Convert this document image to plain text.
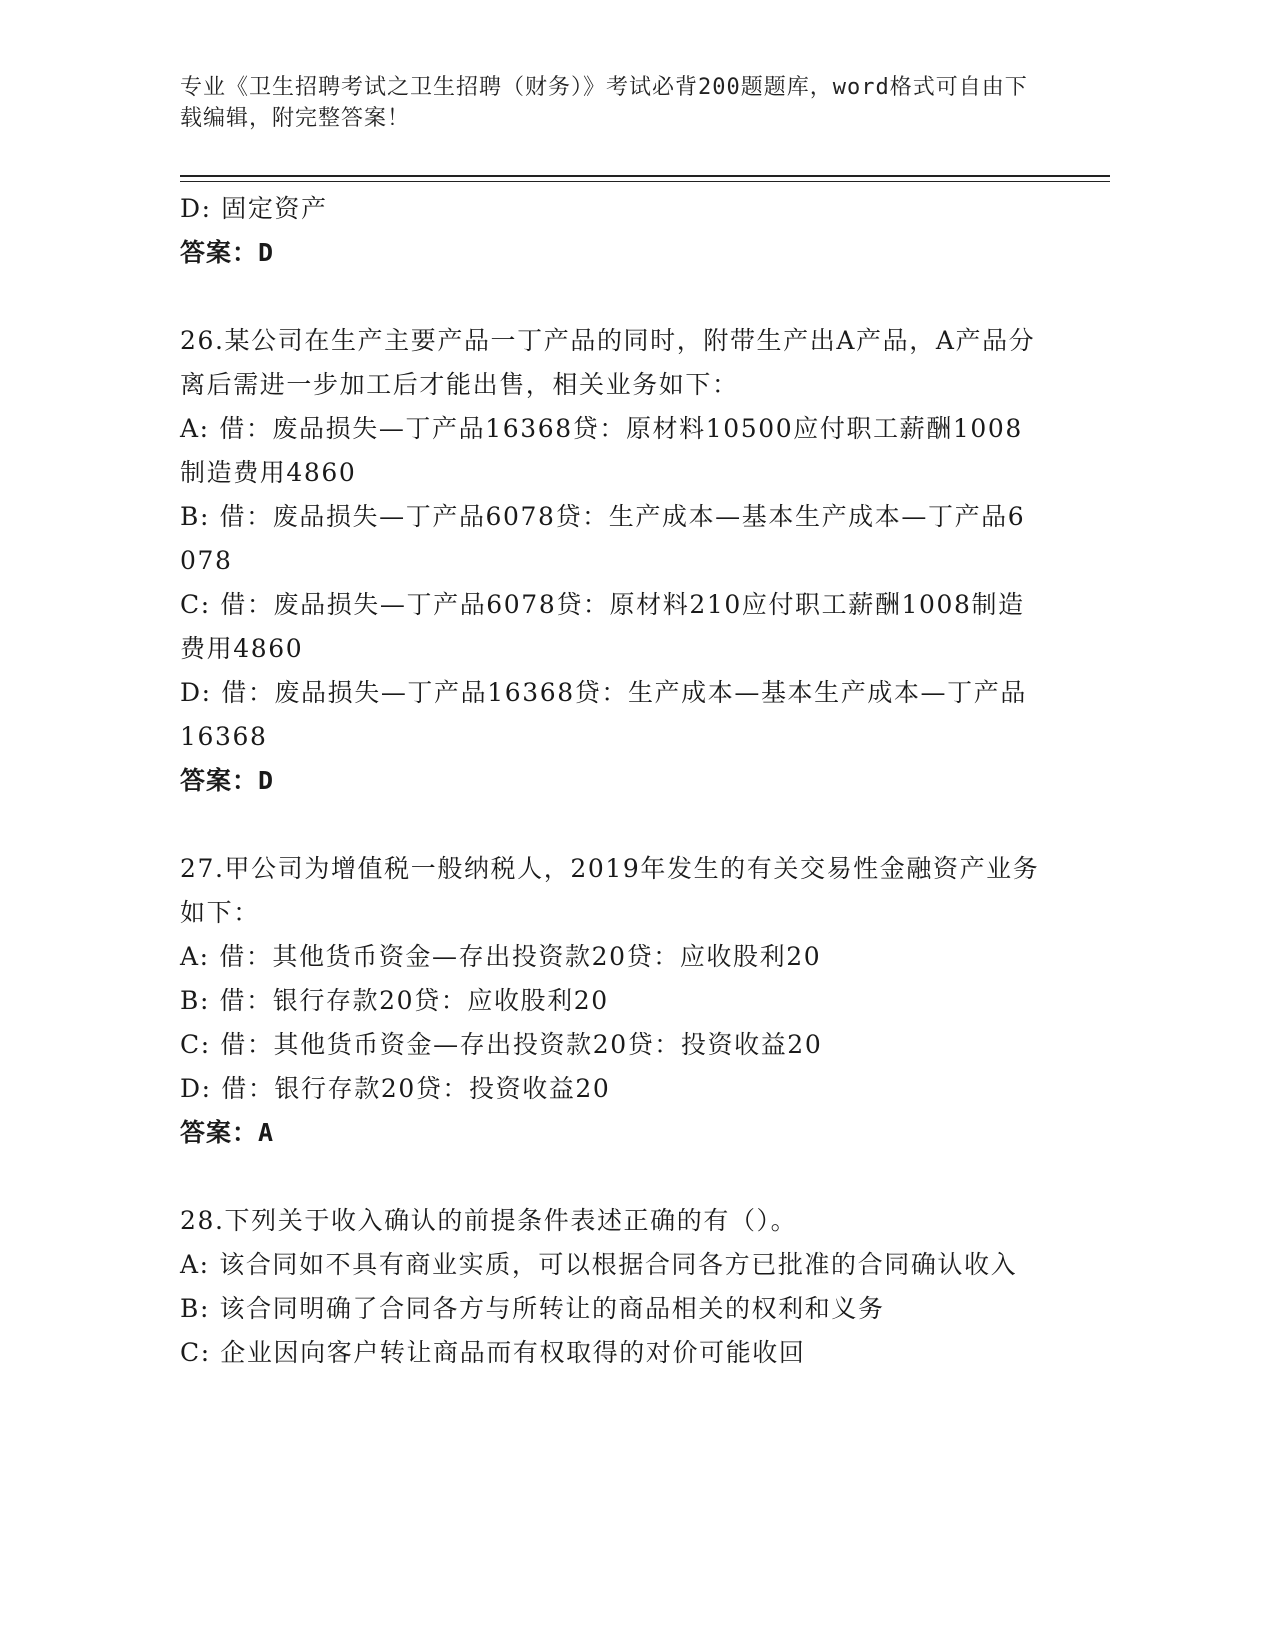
专业《卫生招聘考试之卫生招聘（财务）》考试必背200题题库，word格式可自由下载编辑，附完整答案！
D: 固定资产
答案：D
26.某公司在生产主要产品一丁产品的同时，附带生产出A产品，A产品分离后需进一步加工后才能出售，相关业务如下：
A: 借：废品损失—丁产品16368贷：原材料10500应付职工薪酬1008制造费用4860
B: 借：废品损失—丁产品6078贷：生产成本—基本生产成本—丁产品6078
C: 借：废品损失—丁产品6078贷：原材料210应付职工薪酬1008制造费用4860
D: 借：废品损失—丁产品16368贷：生产成本—基本生产成本—丁产品16368
答案：D
27.甲公司为增值税一般纳税人，2019年发生的有关交易性金融资产业务如下：
A: 借：其他货币资金—存出投资款20贷：应收股利20
B: 借：银行存款20贷：应收股利20
C: 借：其他货币资金—存出投资款20贷：投资收益20
D: 借：银行存款20贷：投资收益20
答案：A
28.下列关于收入确认的前提条件表述正确的有（）。
A: 该合同如不具有商业实质，可以根据合同各方已批准的合同确认收入
B: 该合同明确了合同各方与所转让的商品相关的权利和义务
C: 企业因向客户转让商品而有权取得的对价可能收回
